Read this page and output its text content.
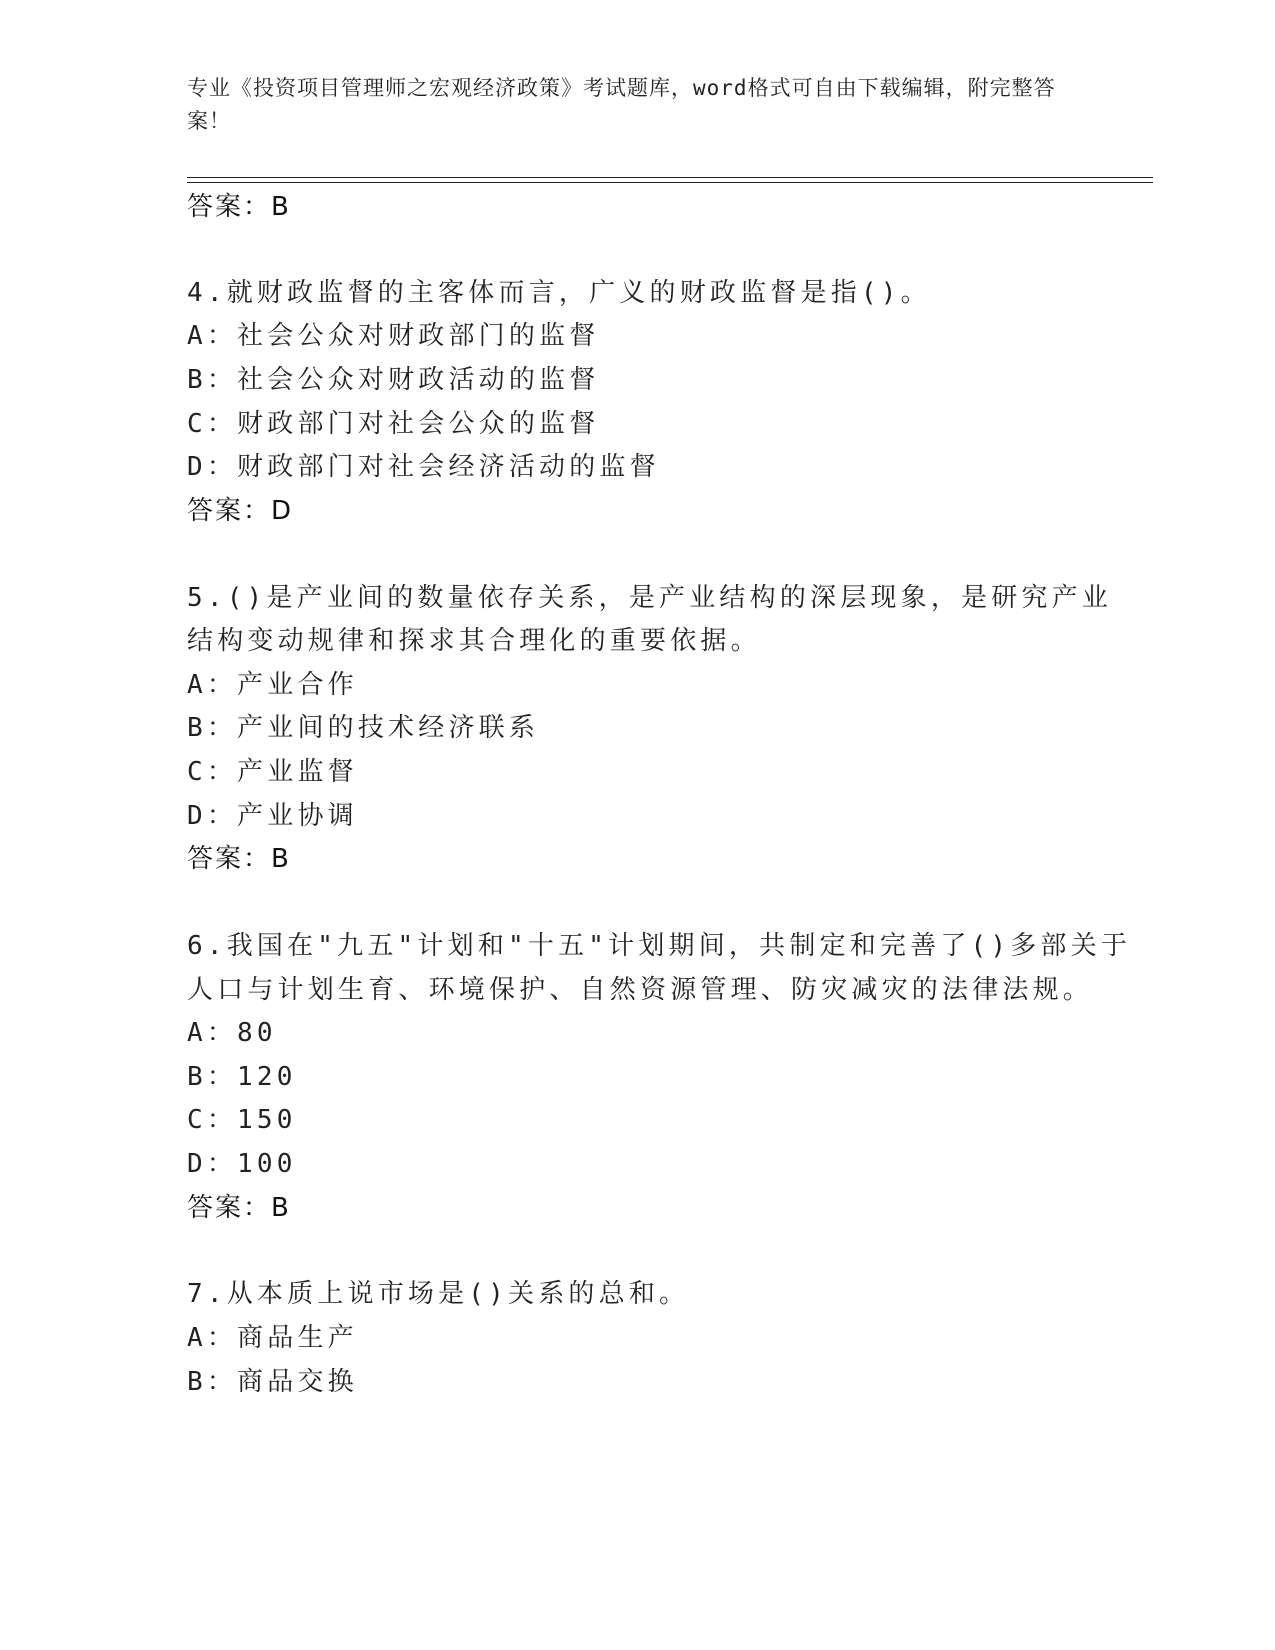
专业《投资项目管理师之宏观经济政策》考试题库，word格式可自由下载编辑，附完整答案！
答案：B
4.就财政监督的主客体而言，广义的财政监督是指()。
A：社会公众对财政部门的监督
B：社会公众对财政活动的监督
C：财政部门对社会公众的监督
D：财政部门对社会经济活动的监督
答案：D
5.()是产业间的数量依存关系，是产业结构的深层现象，是研究产业
结构变动规律和探求其合理化的重要依据。
A：产业合作
B：产业间的技术经济联系
C：产业监督
D：产业协调
答案：B
6.我国在"九五"计划和"十五"计划期间，共制定和完善了()多部关于
人口与计划生育、环境保护、自然资源管理、防灾减灾的法律法规。
A：80
B：120
C：150
D：100
答案：B
7.从本质上说市场是()关系的总和。
A：商品生产
B：商品交换
